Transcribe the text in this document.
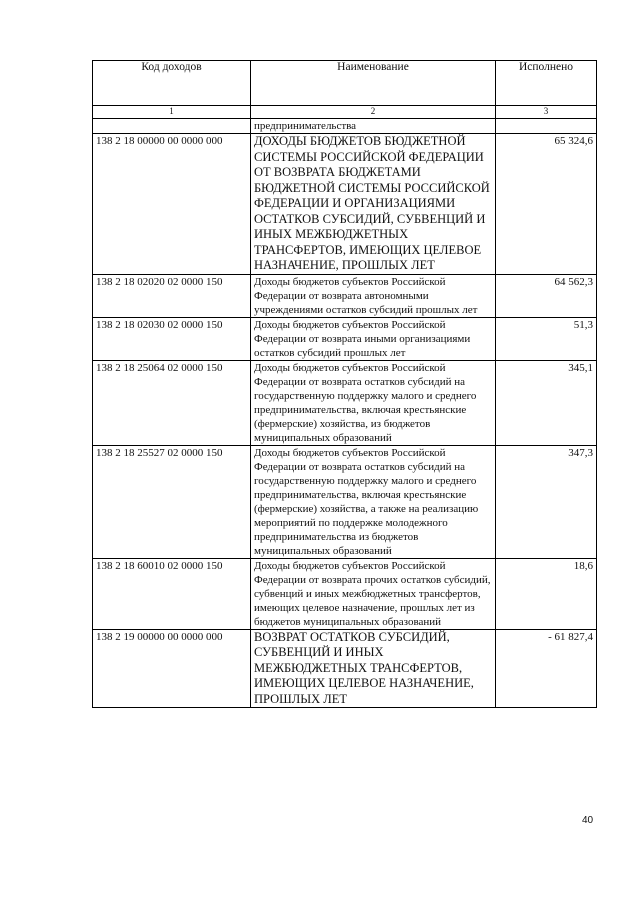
Код доходов	Наименование	Исполнено
1	2	3
	предпринимательства	
138 2 18 00000 00 0000 000	ДОХОДЫ БЮДЖЕТОВ БЮДЖЕТНОЙ СИСТЕМЫ РОССИЙСКОЙ ФЕДЕРАЦИИ ОТ ВОЗВРАТА БЮДЖЕТАМИ БЮДЖЕТНОЙ СИСТЕМЫ РОССИЙСКОЙ ФЕДЕРАЦИИ И ОРГАНИЗАЦИЯМИ ОСТАТКОВ СУБСИДИЙ, СУБВЕНЦИЙ И ИНЫХ МЕЖБЮДЖЕТНЫХ ТРАНСФЕРТОВ, ИМЕЮЩИХ ЦЕЛЕВОЕ НАЗНАЧЕНИЕ, ПРОШЛЫХ ЛЕТ	65 324,6
138 2 18 02020 02 0000 150	Доходы бюджетов субъектов Российской Федерации от возврата автономными учреждениями остатков субсидий прошлых лет	64 562,3
138 2 18 02030 02 0000 150	Доходы бюджетов субъектов Российской Федерации от возврата иными организациями остатков субсидий прошлых лет	51,3
138 2 18 25064 02 0000 150	Доходы бюджетов субъектов Российской Федерации от возврата остатков субсидий на государственную поддержку малого и среднего предпринимательства, включая крестьянские (фермерские) хозяйства, из бюджетов муниципальных образований	345,1
138 2 18 25527 02 0000 150	Доходы бюджетов субъектов Российской Федерации от возврата остатков субсидий на государственную поддержку малого и среднего предпринимательства, включая крестьянские (фермерские) хозяйства, а также на реализацию мероприятий по поддержке молодежного предпринимательства из бюджетов муниципальных образований	347,3
138 2 18 60010 02 0000 150	Доходы бюджетов субъектов Российской Федерации от возврата прочих остатков субсидий, субвенций и иных межбюджетных трансфертов, имеющих целевое назначение, прошлых лет из бюджетов муниципальных образований	18,6
138 2 19 00000 00 0000 000	ВОЗВРАТ ОСТАТКОВ СУБСИДИЙ, СУБВЕНЦИЙ И ИНЫХ МЕЖБЮДЖЕТНЫХ ТРАНСФЕРТОВ, ИМЕЮЩИХ ЦЕЛЕВОЕ НАЗНАЧЕНИЕ, ПРОШЛЫХ ЛЕТ	- 61 827,4
40
